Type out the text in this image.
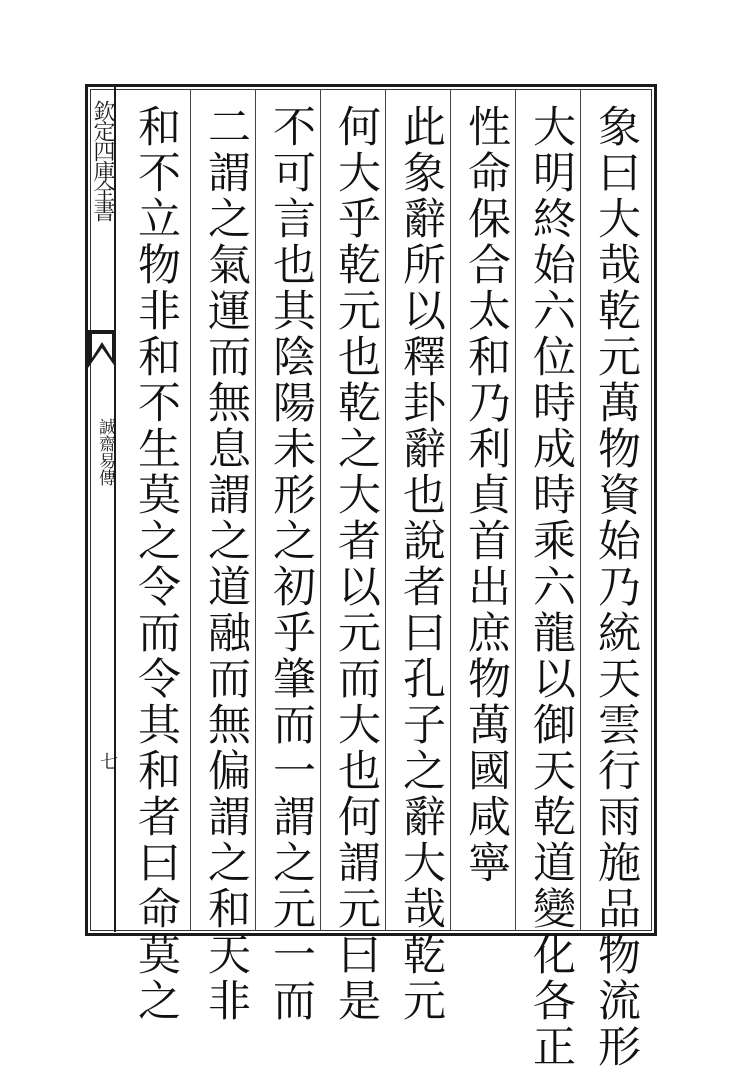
欽定四庫全書
誠齋易傳
七	象曰大哉乾元萬物資始乃統天雲行雨施品物流形
大明終始六位時成時乘六龍以御天乾道變化各正
性命保合太和乃利貞首出庶物萬國咸寧
此象辭所以釋卦辭也說者曰孔子之辭大哉乾元
何大乎乾元也乾之大者以元而大也何謂元曰是
不可言也其陰陽未形之初乎肇而一謂之元一而
二謂之氣運而無息謂之道融而無偏謂之和天非
和不立物非和不生莫之令而令其和者曰命莫之
